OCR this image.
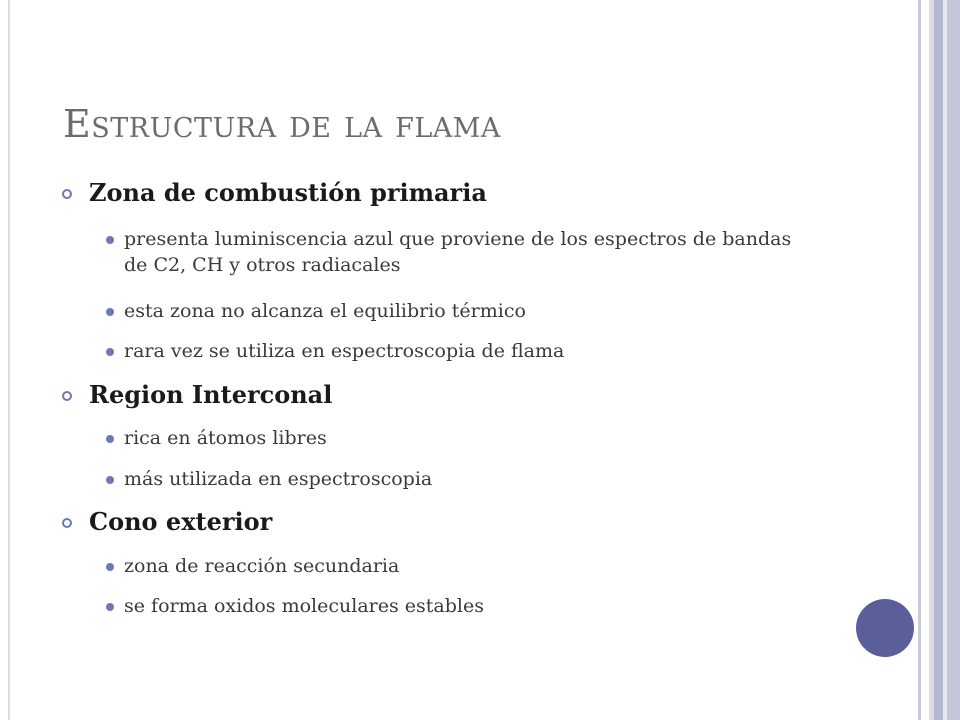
Estructura de la flama
Zona de combustión primaria
presenta luminiscencia azul que proviene de los espectros de bandas de C2, CH y otros radiacales
esta zona no alcanza el equilibrio térmico
rara vez se utiliza en espectroscopia de flama
Region Interconal
rica en átomos libres
más utilizada en espectroscopia
Cono exterior
zona de reacción secundaria
se forma oxidos moleculares estables
